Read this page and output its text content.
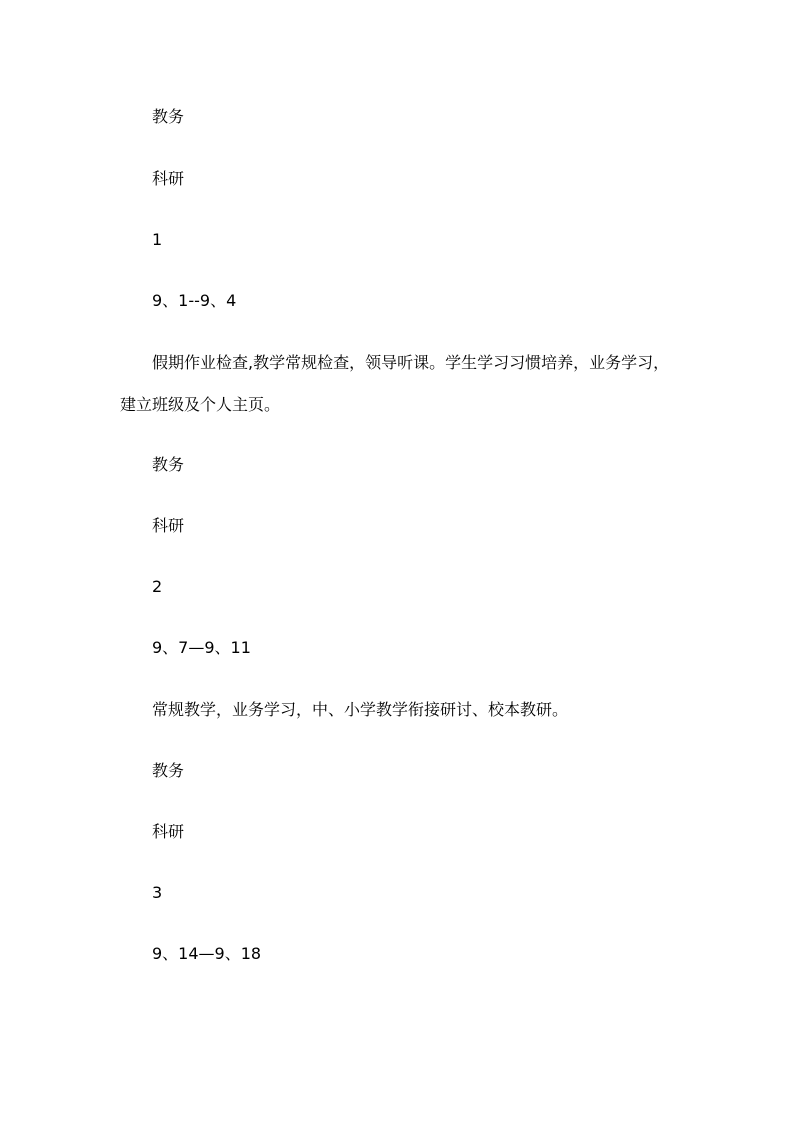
教务

科研

1

9、1--9、4

假期作业检查,教学常规检查，领导听课。学生学习习惯培养，业务学习，

建立班级及个人主页。

教务

科研

2

9、7—9、11

常规教学，业务学习，中、小学教学衔接研讨、校本教研。

教务

科研

3

9、14—9、18
